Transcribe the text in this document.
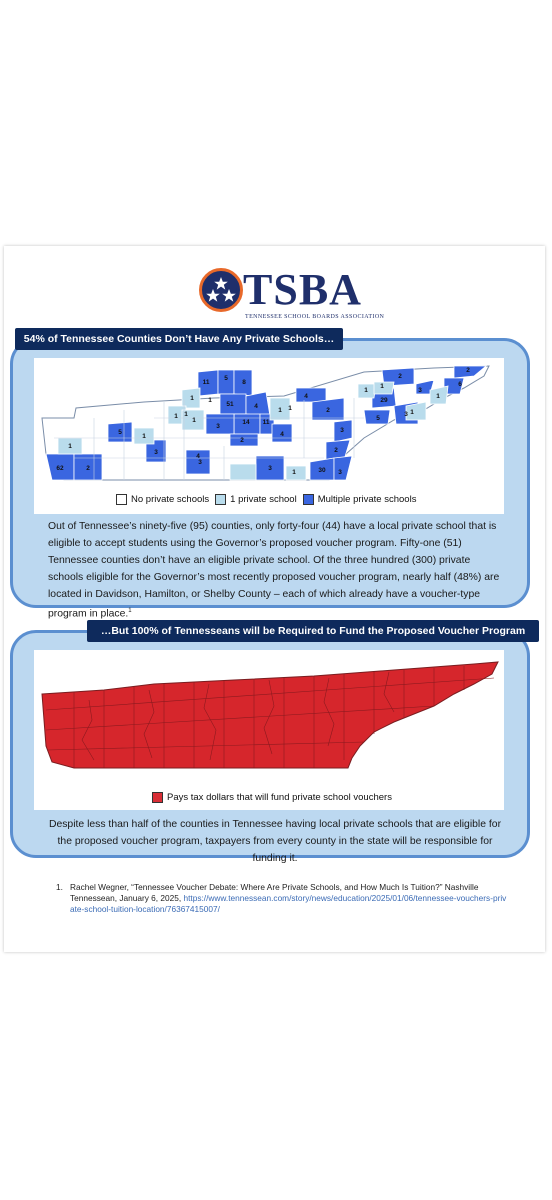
TSBA
TENNESSEE SCHOOL BOARDS ASSOCIATION
54% of Tennessee Counties Don’t Have Any Private Schools…
11
5
8
1 1
1
51	4
4
2
1
2
2
3
1
1
1
3
14 11
1
1
29
1
1
6
5
3
1	4
2
5	3
3
2
62	2
3
4
1
3
1	30 3
No private schools 1 private school Multiple private schools
Out of Tennessee’s ninety-five (95) counties, only forty-four (44) have a local private school that is eligible to accept students using the Governor’s proposed voucher program. Fifty-one (51) Tennessee counties don’t have an eligible private school. Of the three hundred (300) private schools eligible for the Governor’s most recently proposed voucher program, nearly half (48%) are located in Davidson, Hamilton, or Shelby County – each of which already have a voucher-type program in place.$^1$
…But 100% of Tennesseans will be Required to Fund the Proposed Voucher Program
Pays tax dollars that will fund private school vouchers
Despite less than half of the counties in Tennessee having local private schools that are eligible for the proposed voucher program, taxpayers from every county in the state will be responsible for funding it.
1. Rachel Wegner, “Tennessee Voucher Debate: Where Are Private Schools, and How Much Is Tuition?” Nashville Tennessean, January 6, 2025, https://www.tennessean.com/story/news/education/2025/01/06/tennessee-vouchers-private-school-tuition-location/76367415007/
